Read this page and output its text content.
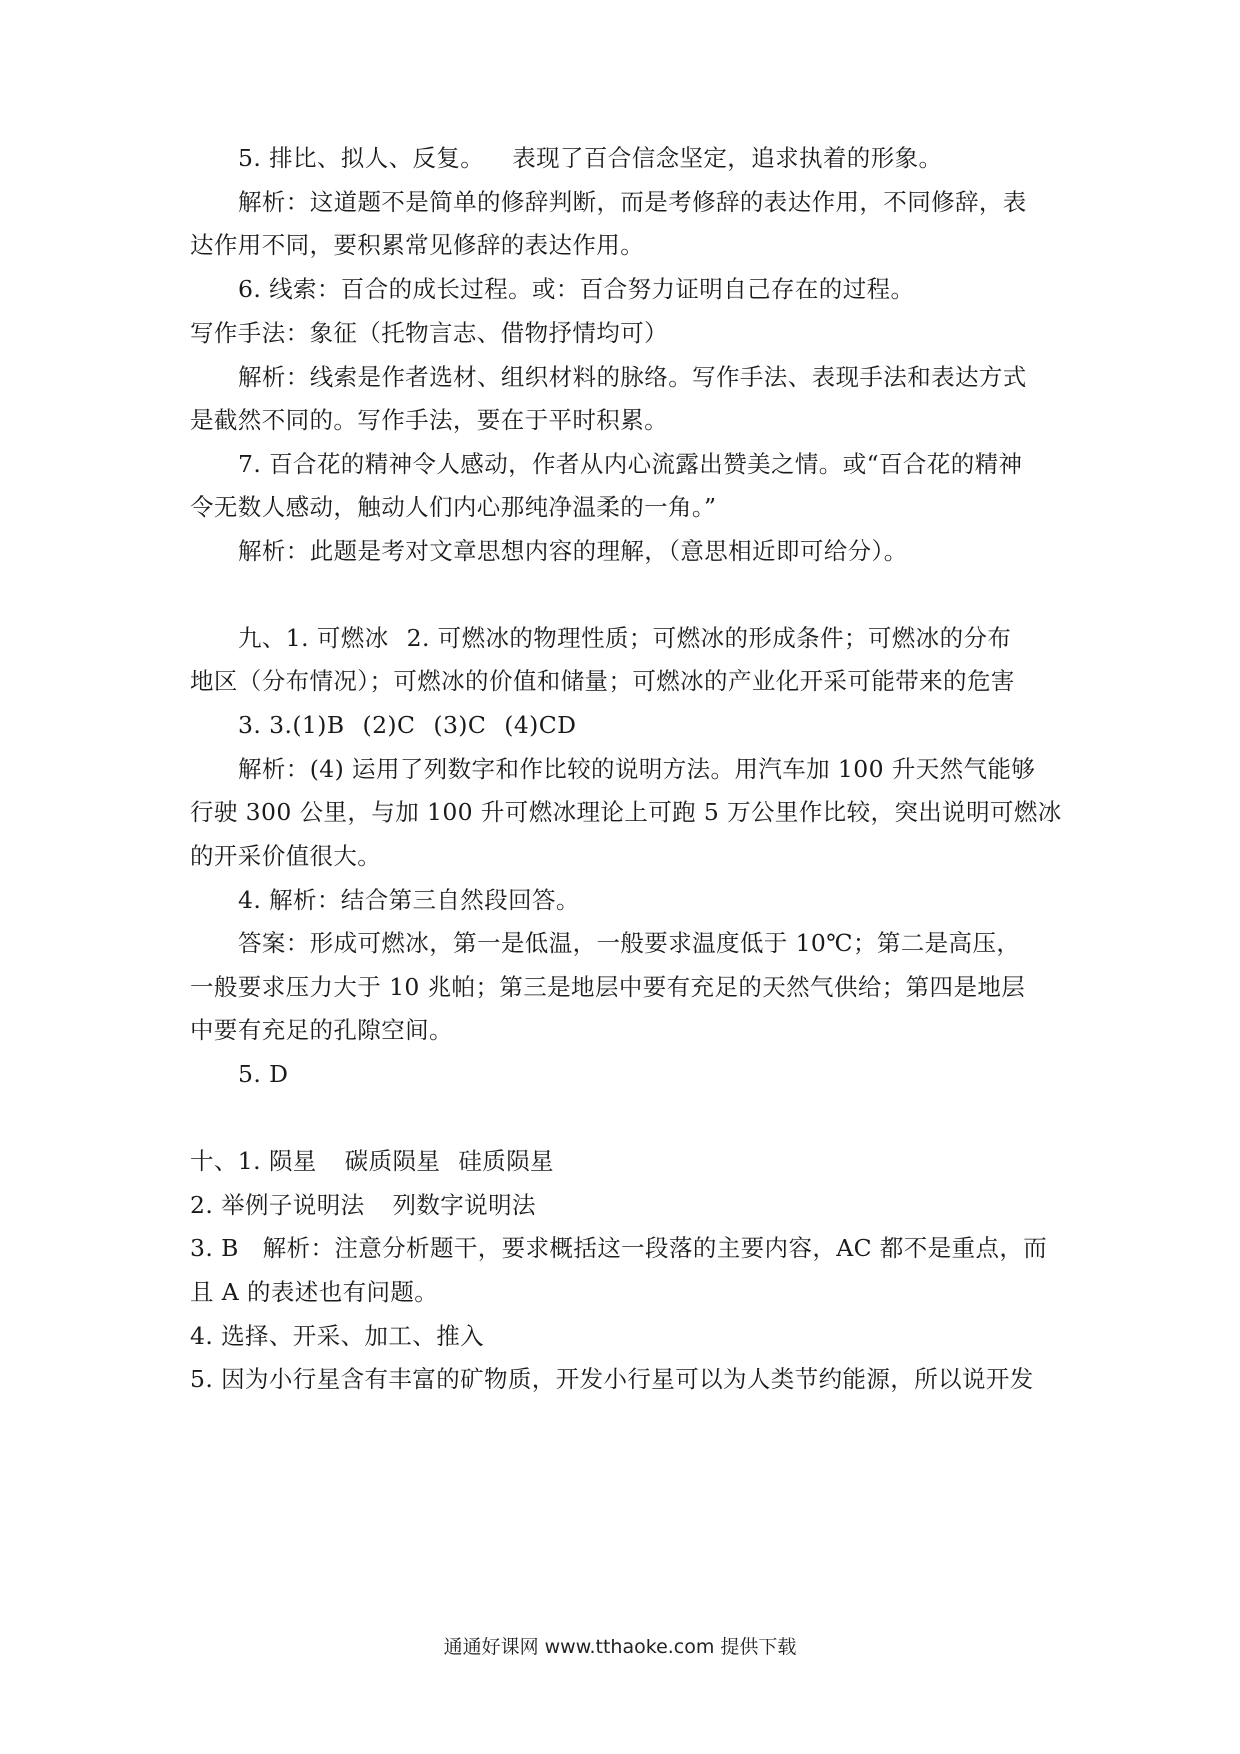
5. 排比、拟人、反复。 表现了百合信念坚定，追求执着的形象。
解析：这道题不是简单的修辞判断，而是考修辞的表达作用，不同修辞，表
达作用不同，要积累常见修辞的表达作用。
6. 线索：百合的成长过程。或：百合努力证明自己存在的过程。
写作手法：象征（托物言志、借物抒情均可）
解析：线索是作者选材、组织材料的脉络。写作手法、表现手法和表达方式
是截然不同的。写作手法，要在于平时积累。
7. 百合花的精神令人感动，作者从内心流露出赞美之情。或“百合花的精神
令无数人感动，触动人们内心那纯净温柔的一角。”
解析：此题是考对文章思想内容的理解，（意思相近即可给分）。
九、1. 可燃冰 2. 可燃冰的物理性质；可燃冰的形成条件；可燃冰的分布
地区（分布情况）；可燃冰的价值和储量；可燃冰的产业化开采可能带来的危害
3. 3.(1)B (2)C (3)C (4)CD
解析：(4) 运用了列数字和作比较的说明方法。用汽车加 100 升天然气能够
行驶 300 公里，与加 100 升可燃冰理论上可跑 5 万公里作比较，突出说明可燃冰
的开采价值很大。
4. 解析：结合第三自然段回答。
答案：形成可燃冰，第一是低温，一般要求温度低于 10℃；第二是高压，
一般要求压力大于 10 兆帕；第三是地层中要有充足的天然气供给；第四是地层
中要有充足的孔隙空间。
5. D
十、1. 陨星 碳质陨星 硅质陨星
2. 举例子说明法 列数字说明法
3. B　解析：注意分析题干，要求概括这一段落的主要内容，AC 都不是重点，而
且 A 的表述也有问题。
4. 选择、开采、加工、推入
5. 因为小行星含有丰富的矿物质，开发小行星可以为人类节约能源，所以说开发
通通好课网 www.tthaoke.com 提供下载
